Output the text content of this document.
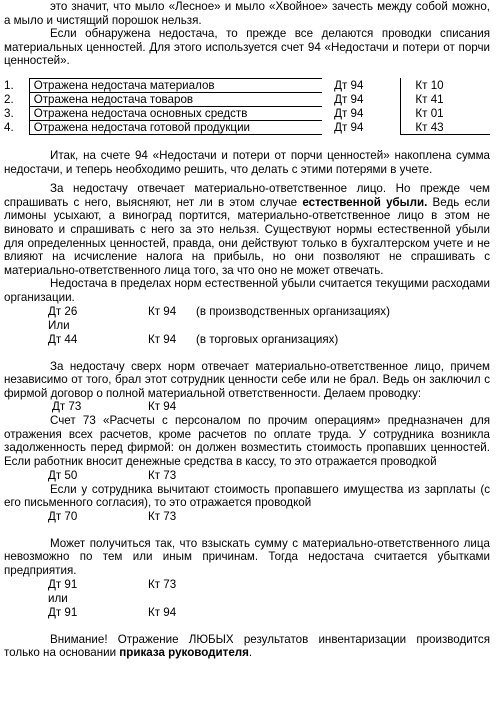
это значит, что мыло «Лесное» и мыло «Хвойное» зачесть между собой можно, а мыло и чистящий порошок нельзя.

Если обнаружена недостача, то прежде все делаются проводки списания материальных ценностей. Для этого используется счет 94 «Недостачи и потери от порчи ценностей».

1.	Отражена недостача материалов	Дт 94	Кт 10
2.	Отражена недостача товаров	Дт 94	Кт 41
3.	Отражена недостача основных средств	Дт 94	Кт 01
4.	Отражена недостача готовой продукции	Дт 94	Кт 43

Итак, на счете 94 «Недостачи и потери от порчи ценностей» накоплена сумма недостачи, и теперь необходимо решить, что делать с этими потерями в учете.

За недостачу отвечает материально-ответственное лицо. Но прежде чем спрашивать с него, выясняют, нет ли в этом случае естественной убыли. Ведь если лимоны усыхают, а виноград портится, материально-ответственное лицо в этом не виновато и спрашивать с него за это нельзя. Существуют нормы естественной убыли для определенных ценностей, правда, они действуют только в бухгалтерском учете и не влияют на исчисление налога на прибыль, но они позволяют не спрашивать с материально-ответственного лица того, за что оно не может отвечать.

Недостача в пределах норм естественной убыли считается текущими расходами организации.

Дт 26	Кт 94 (в производственных организациях)
Или
Дт 44	Кт 94 (в торговых организациях)

За недостачу сверх норм отвечает материально-ответственное лицо, причем независимо от того, брал этот сотрудник ценности себе или не брал. Ведь он заключил с фирмой договор о полной материальной ответственности. Делаем проводку:

Дт 73	Кт 94

Счет 73 «Расчеты с персоналом по прочим операциям» предназначен для отражения всех расчетов, кроме расчетов по оплате труда. У сотрудника возникла задолженность перед фирмой: он должен возместить стоимость пропавших ценностей. Если работник вносит денежные средства в кассу, то это отражается проводкой

Дт 50	Кт 73

Если у сотрудника вычитают стоимость пропавшего имущества из зарплаты (с его письменного согласия), то это отражается проводкой

Дт 70	Кт 73

Может получиться так, что взыскать сумму с материально-ответственного лица невозможно по тем или иным причинам. Тогда недостача считается убытками предприятия.

Дт 91	Кт 73
или
Дт 91	Кт 94

Внимание! Отражение ЛЮБЫХ результатов инвентаризации производится только на основании приказа руководителя.
